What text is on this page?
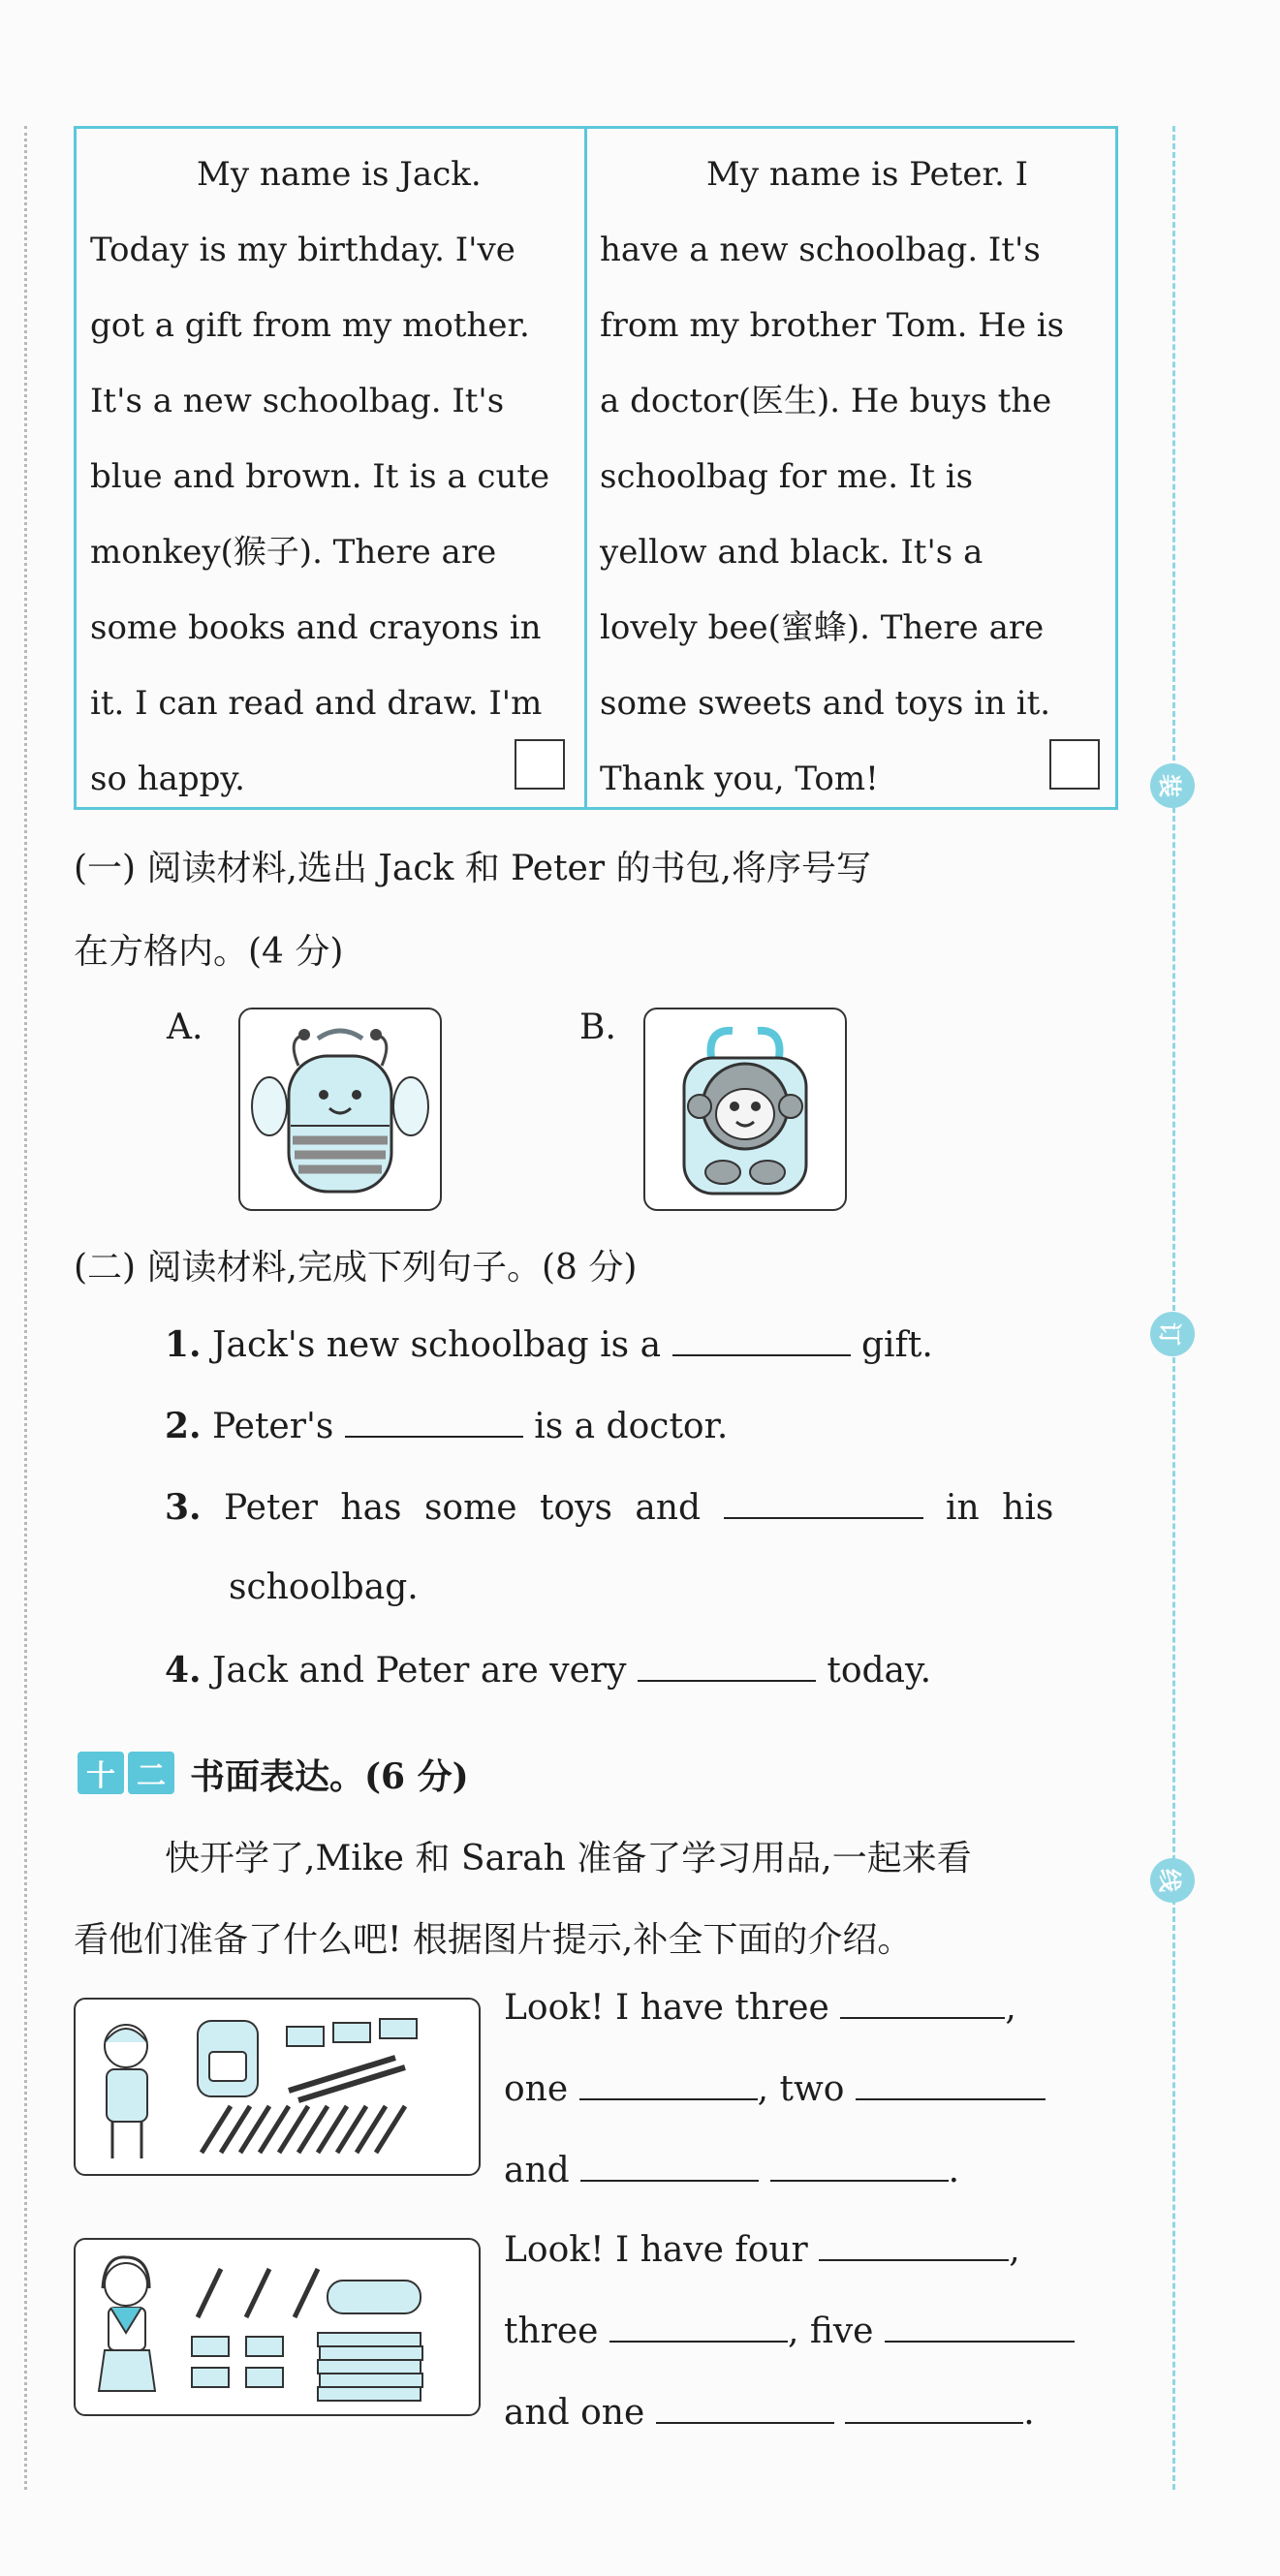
装
订
线
My name is Jack.
Today is my birthday. I've
got a gift from my mother.
It's a new schoolbag. It's
blue and brown. It is a cute
monkey(猴子). There are
some books and crayons in
it. I can read and draw. I'm
so happy.
My name is Peter. I
have a new schoolbag. It's
from my brother Tom. He is
a doctor(医生). He buys the
schoolbag for me. It is
yellow and black. It's a
lovely bee(蜜蜂). There are
some sweets and toys in it.
Thank you, Tom!
(一) 阅读材料,选出 Jack 和 Peter 的书包,将序号写
在方格内。(4 分)
A.	B.
(二) 阅读材料,完成下列句子。(8 分)
1. Jack's new schoolbag is a	gift.
2. Peter's	is a doctor.
3. Peter has some toys and	in his
schoolbag.
4. Jack and Peter are very	today.
十 二 书面表达。(6 分)
快开学了,Mike 和 Sarah 准备了学习用品,一起来看
看他们准备了什么吧! 根据图片提示,补全下面的介绍。
Look! I have three	,
one	, two
and	.
Look! I have four	,
three	, five
and one	.
